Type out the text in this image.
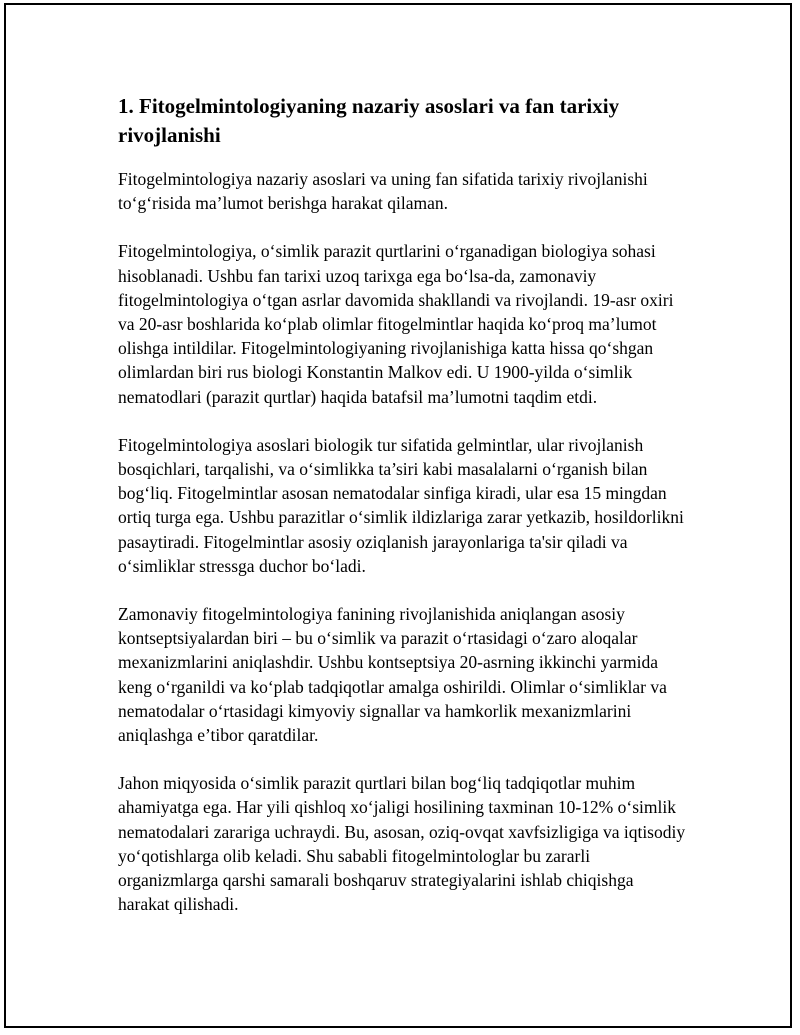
1. Fitogelmintologiyaning nazariy asoslari va fan tarixiy rivojlanishi

Fitogelmintologiya nazariy asoslari va uning fan sifatida tarixiy rivojlanishi to‘g‘risida ma’lumot berishga harakat qilaman.

Fitogelmintologiya, o‘simlik parazit qurtlarini o‘rganadigan biologiya sohasi hisoblanadi. Ushbu fan tarixi uzoq tarixga ega bo‘lsa-da, zamonaviy fitogelmintologiya o‘tgan asrlar davomida shakllandi va rivojlandi. 19-asr oxiri va 20-asr boshlarida ko‘plab olimlar fitogelmintlar haqida ko‘proq ma’lumot olishga intildilar. Fitogelmintologiyaning rivojlanishiga katta hissa qo‘shgan olimlardan biri rus biologi Konstantin Malkov edi. U 1900-yilda o‘simlik nematodlari (parazit qurtlar) haqida batafsil ma’lumotni taqdim etdi.

Fitogelmintologiya asoslari biologik tur sifatida gelmintlar, ular rivojlanish bosqichlari, tarqalishi, va o‘simlikka ta’siri kabi masalalarni o‘rganish bilan bog‘liq. Fitogelmintlar asosan nematodalar sinfiga kiradi, ular esa 15 mingdan ortiq turga ega. Ushbu parazitlar o‘simlik ildizlariga zarar yetkazib, hosildorlikni pasaytiradi. Fitogelmintlar asosiy oziqlanish jarayonlariga ta'sir qiladi va o‘simliklar stressga duchor bo‘ladi.

Zamonaviy fitogelmintologiya fanining rivojlanishida aniqlangan asosiy kontseptsiyalardan biri – bu o‘simlik va parazit o‘rtasidagi o‘zaro aloqalar mexanizmlarini aniqlashdir. Ushbu kontseptsiya 20-asrning ikkinchi yarmida keng o‘rganildi va ko‘plab tadqiqotlar amalga oshirildi. Olimlar o‘simliklar va nematodalar o‘rtasidagi kimyoviy signallar va hamkorlik mexanizmlarini aniqlashga e’tibor qaratdilar.

Jahon miqyosida o‘simlik parazit qurtlari bilan bog‘liq tadqiqotlar muhim ahamiyatga ega. Har yili qishloq xo‘jaligi hosilining taxminan 10-12% o‘simlik nematodalari zarariga uchraydi. Bu, asosan, oziq-ovqat xavfsizligiga va iqtisodiy yo‘qotishlarga olib keladi. Shu sababli fitogelmintologlar bu zararli organizmlarga qarshi samarali boshqaruv strategiyalarini ishlab chiqishga harakat qilishadi.
